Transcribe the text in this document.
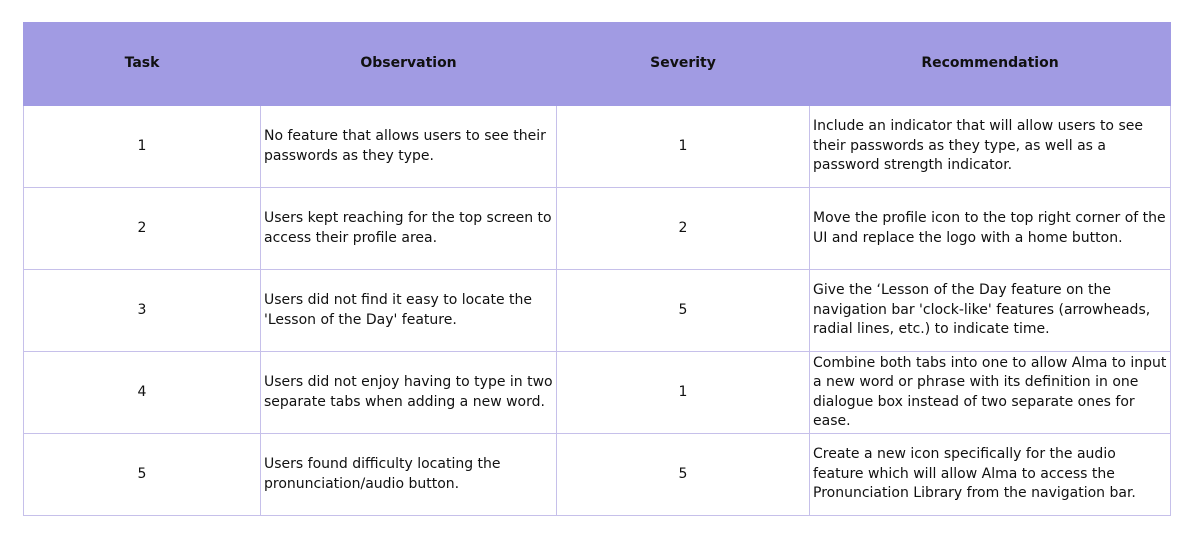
Task	Observation	Severity	Recommendation
1	No feature that allows users to see their passwords as they type.	1	Include an indicator that will allow users to see their passwords as they type, as well as a password strength indicator.
2	Users kept reaching for the top screen to access their profile area.	2	Move the profile icon to the top right corner of the UI and replace the logo with a home button.
3	Users did not find it easy to locate the 'Lesson of the Day' feature.	5	Give the ‘Lesson of the Day feature on the navigation bar 'clock-like' features (arrowheads, radial lines, etc.) to indicate time.
4	Users did not enjoy having to type in two separate tabs when adding a new word.	1	Combine both tabs into one to allow Alma to input a new word or phrase with its definition in one dialogue box instead of two separate ones for ease.
5	Users found difficulty locating the pronunciation/audio button.	5	Create a new icon specifically for the audio feature which will allow Alma to access the Pronunciation Library from the navigation bar.
